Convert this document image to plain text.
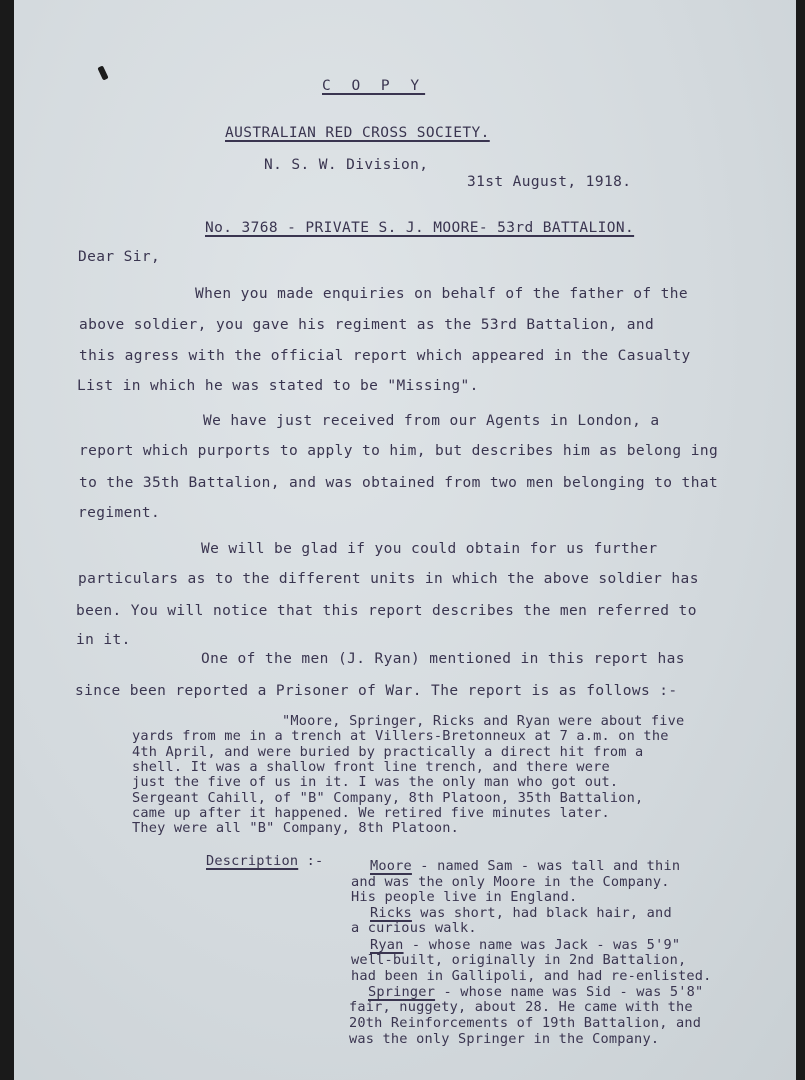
C O P Y
AUSTRALIAN RED CROSS SOCIETY.
N. S. W. Division,
31st August, 1918.
No. 3768 - PRIVATE S. J. MOORE- 53rd BATTALION.
Dear Sir,
When you made enquiries on behalf of the father of the
above soldier, you gave his regiment as the 53rd Battalion, and
this agress with the official report which appeared in the Casualty
List in which he was stated to be "Missing".
We have just received from our Agents in London, a
report which purports to apply to him, but describes him as belong ing
to the 35th Battalion, and was obtained from two men belonging to that
regiment.
We will be glad if you could obtain for us further
particulars as to the different units in which the above soldier has
been. You will notice that this report describes the men referred to
in it.
One of the men (J. Ryan) mentioned in this report has
since been reported a Prisoner of War. The report is as follows :-
"Moore, Springer, Ricks and Ryan were about five
yards from me in a trench at Villers-Bretonneux at 7 a.m. on the
4th April, and were buried by practically a direct hit from a
shell. It was a shallow front line trench, and there were
just the five of us in it. I was the only man who got out.
Sergeant Cahill, of "B" Company, 8th Platoon, 35th Battalion,
came up after it happened. We retired five minutes later.
They were all "B" Company, 8th Platoon.
Description :-	Moore - named Sam - was tall and thin
and was the only Moore in the Company.
His people live in England.
Ricks was short, had black hair, and
a curious walk.
Ryan - whose name was Jack - was 5'9"
well-built, originally in 2nd Battalion,
had been in Gallipoli, and had re-enlisted.
Springer - whose name was Sid - was 5'8"
fair, nuggety, about 28. He came with the
20th Reinforcements of 19th Battalion, and
was the only Springer in the Company.
